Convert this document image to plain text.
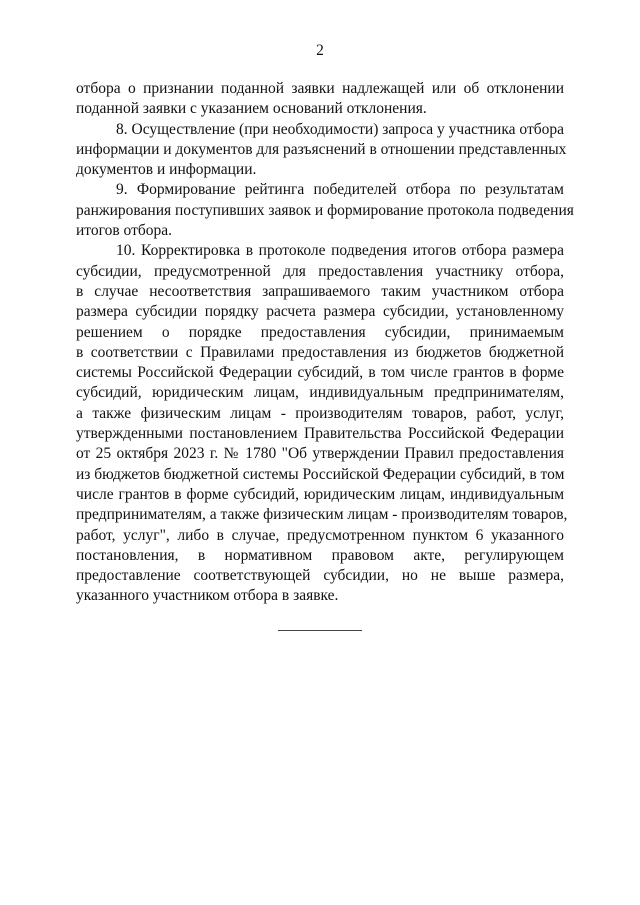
2

отбора о признании поданной заявки надлежащей или об отклонении
поданной заявки с указанием оснований отклонения.

8. Осуществление (при необходимости) запроса у участника отбора
информации и документов для разъяснений в отношении представленных
документов и информации.

9. Формирование рейтинга победителей отбора по результатам
ранжирования поступивших заявок и формирование протокола подведения
итогов отбора.

10. Корректировка в протоколе подведения итогов отбора размера
субсидии, предусмотренной для предоставления участнику отбора,
в случае несоответствия запрашиваемого таким участником отбора
размера субсидии порядку расчета размера субсидии, установленному
решением о порядке предоставления субсидии, принимаемым
в соответствии с Правилами предоставления из бюджетов бюджетной
системы Российской Федерации субсидий, в том числе грантов в форме
субсидий, юридическим лицам, индивидуальным предпринимателям,
а также физическим лицам - производителям товаров, работ, услуг,
утвержденными постановлением Правительства Российской Федерации
от 25 октября 2023 г. № 1780 "Об утверждении Правил предоставления
из бюджетов бюджетной системы Российской Федерации субсидий, в том
числе грантов в форме субсидий, юридическим лицам, индивидуальным
предпринимателям, а также физическим лицам - производителям товаров,
работ, услуг", либо в случае, предусмотренном пунктом 6 указанного
постановления, в нормативном правовом акте, регулирующем
предоставление соответствующей субсидии, но не выше размера,
указанного участником отбора в заявке.
